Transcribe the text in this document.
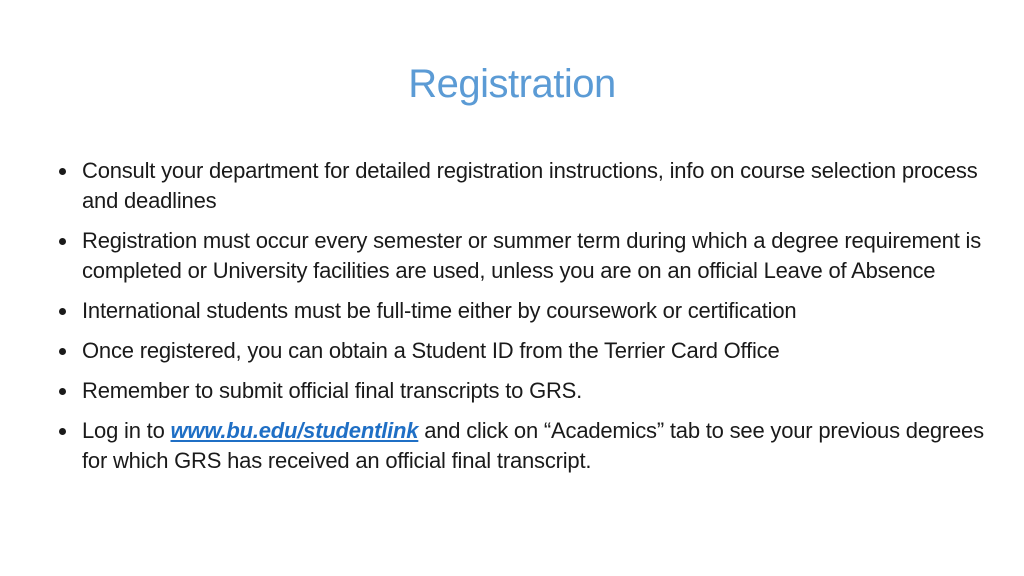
Registration
Consult your department for detailed registration instructions, info on course selection process and deadlines
Registration must occur every semester or summer term during which a degree requirement is completed or University facilities are used, unless you are on an official Leave of Absence
International students must be full-time either by coursework or certification
Once registered, you can obtain a Student ID from the Terrier Card Office
Remember to submit official final transcripts to GRS.
Log in to www.bu.edu/studentlink and click on “Academics” tab to see your previous degrees for which GRS has received an official final transcript.
